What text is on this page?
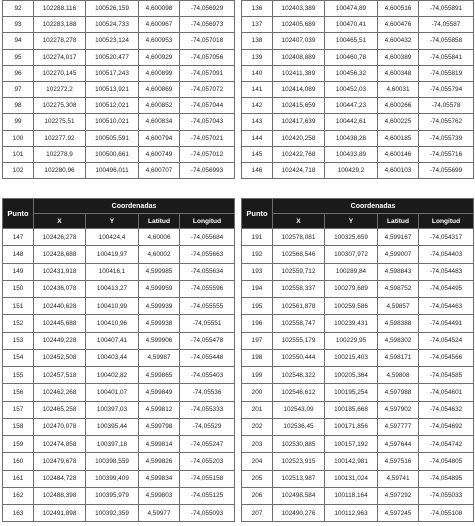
92	102288,116	100526,159	4,600098	-74,056929
93	102283,188	100524,733	4,600967	-74,056973
94	102278,278	100523,124	4,600953	-74,057018
95	102274,017	100520,477	4,600929	-74,057056
96	102270,145	100517,243	4,600899	-74,057091
97	102272,2	100513,921	4,600869	-74,057072
98	102275,308	100512,021	4,600852	-74,057044
99	102275,51	100510,021	4,600834	-74,057043
100	102277,92	100505,591	4,600794	-74,057021
101	102278,9	100500,661	4,600749	-74,057012
102	102280,96	100496,011	4,600707	-74,056993
136	102403,389	100474,89	4,600516	-74,055891
137	102405,689	100470,41	4,600476	-74,05587
138	102407,039	100465,51	4,600432	-74,055858
139	102408,889	100460,78	4,600389	-74,055841
140	102411,389	100456,32	4,600348	-74,055819
141	102414,089	100452,03	4,60031	-74,055794
142	102415,659	100447,23	4,600266	-74,05578
143	102417,639	100442,61	4,600225	-74,055762
144	102420,258	100438,28	4,600185	-74,055739
145	102422,768	100433,89	4,600146	-74,055716
146	102424,718	100429,2	4,600103	-74,055699
Punto	Coordenadas			
	X	Y	Latitud	Longitud
147	102426,278	100424,4	4,60006	-74,055684
148	102428,688	100419,97	4,60002	-74,055663
149	102431,918	100416,1	4,599985	-74,055634
150	102436,078	100413,27	4,599959	-74,055596
151	102440,628	100410,99	4,599939	-74,055555
152	102445,688	100410,96	4,599938	-74,05551
153	102449,228	100407,41	4,599906	-74,055478
154	102452,508	100403,44	4,59987	-74,055448
155	102457,518	100402,82	4,599865	-74,055403
156	102462,268	100401,07	4,599849	-74,05536
157	102465,258	100397,03	4,599812	-74,055333
158	102470,078	100395,44	4,599798	-74,05529
159	102474,858	100397,18	4,599814	-74,055247
160	102479,678	100398,559	4,599826	-74,055203
161	102484,728	100399,409	4,599834	-74,055158
162	102488,398	100395,979	4,599803	-74,055125
163	102491,898	100392,359	4,59977	-74,055093
Punto	Coordenadas			
	X	Y	Latitud	Longitud
191	102578,081	100325,659	4,599167	-74,054317
192	102568,546	100307,972	4,599007	-74,054403
193	102559,712	100289,84	4,598843	-74,054483
194	102558,337	100279,689	4,598752	-74,054495
195	102561,878	100259,586	4,59857	-74,054463
196	102558,747	100239,431	4,598388	-74,054491
197	102555,179	100229,95	4,598302	-74,054524
198	102550,444	100215,403	4,598171	-74,054566
199	102548,322	100205,364	4,59808	-74,054585
200	102546,612	100195,254	4,597988	-74,054601
201	102543,09	100185,668	4,597902	-74,054632
202	102536,45	100171,856	4,597777	-74,054692
203	102530,885	100157,192	4,597644	-74,054742
204	102523,915	100142,981	4,597516	-74,054805
205	102513,987	100131,024	4,59741	-74,054895
206	102498,584	100118,164	4,597292	-74,055033
207	102490,276	100112,963	4,597245	-74,055108
